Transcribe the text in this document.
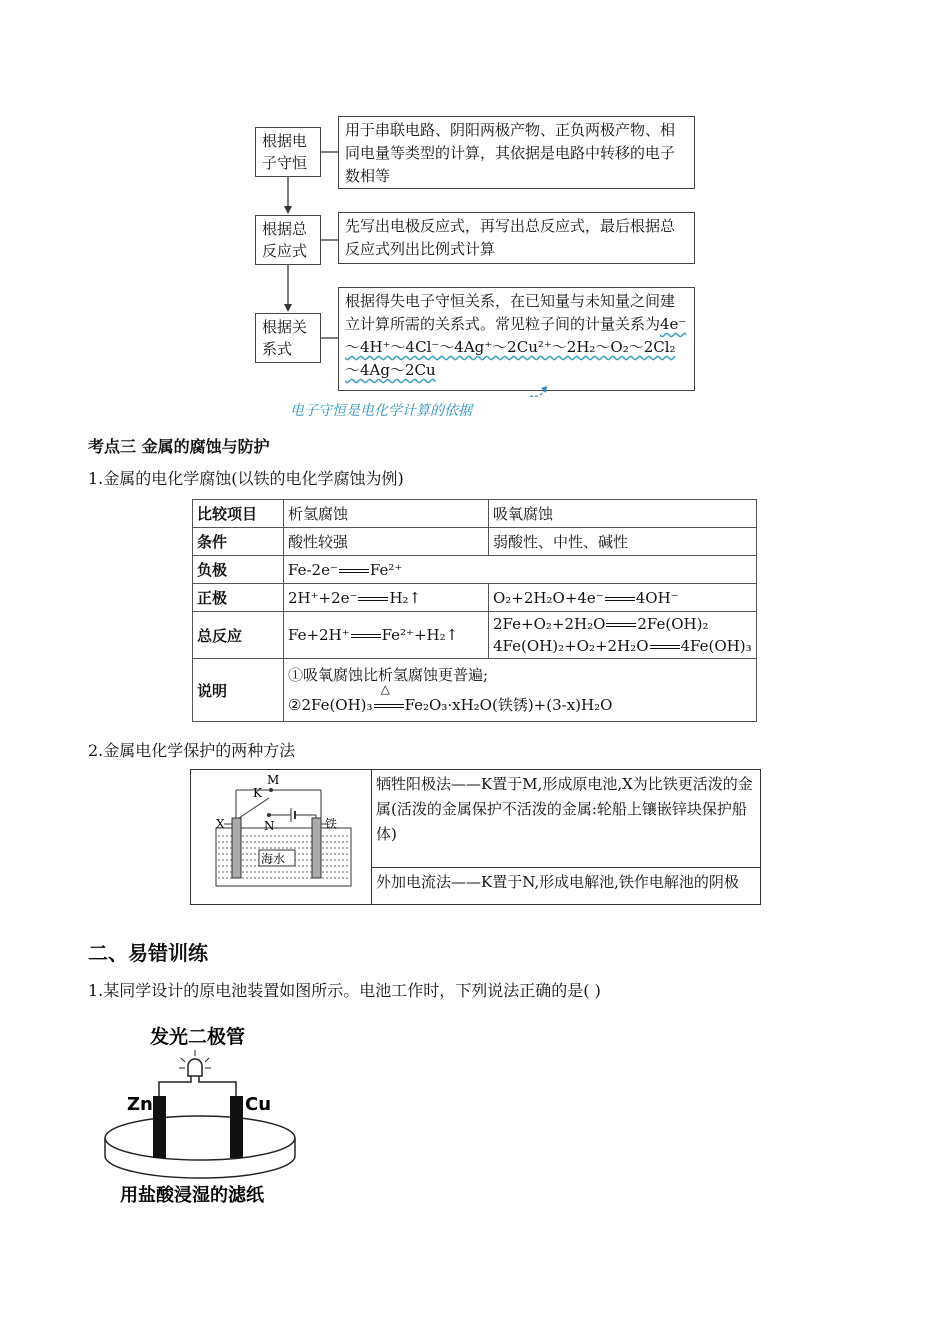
根据电子守恒
用于串联电路、阴阳两极产物、正负两极产物、相同电量等类型的计算，其依据是电路中转移的电子数相等
根据总反应式
先写出电极反应式，再写出总反应式，最后根据总反应式列出比例式计算
根据关系式
根据得失电子守恒关系，在已知量与未知量之间建立计算所需的关系式。常见粒子间的计量关系为4e⁻～4H⁺～4Cl⁻～4Ag⁺～2Cu²⁺～2H₂～O₂～2Cl₂～4Ag～2Cu
电子守恒是电化学计算的依据
考点三 金属的腐蚀与防护
1.金属的电化学腐蚀(以铁的电化学腐蚀为例)
比较项目	析氢腐蚀	吸氧腐蚀
条件	酸性较强	弱酸性、中性、碱性
负极	Fe-2e⁻ Fe²⁺	
正极	2H⁺+2e⁻ H₂↑	O₂+2H₂O+4e⁻ 4OH⁻
总反应	Fe+2H⁺ Fe²⁺+H₂↑	2Fe+O₂+2H₂O 2Fe(OH)₂
4Fe(OH)₂+O₂+2H₂O 4Fe(OH)₃
说明	①吸氧腐蚀比析氢腐蚀更普遍;
②2Fe(OH)₃
△
Fe₂O₃·xH₂O(铁锈)+(3-x)H₂O	
2.金属电化学保护的两种方法
海水
M
K
N
X	铁
	牺牲阳极法——K置于M,形成原电池,X为比铁更活泼的金属(活泼的金属保护不活泼的金属:轮船上镶嵌锌块保护船体)
外加电流法——K置于N,形成电解池,铁作电解池的阴极
二、易错训练
1.某同学设计的原电池装置如图所示。电池工作时，下列说法正确的是( )
发光二极管
Zn	Cu
用盐酸浸湿的滤纸
